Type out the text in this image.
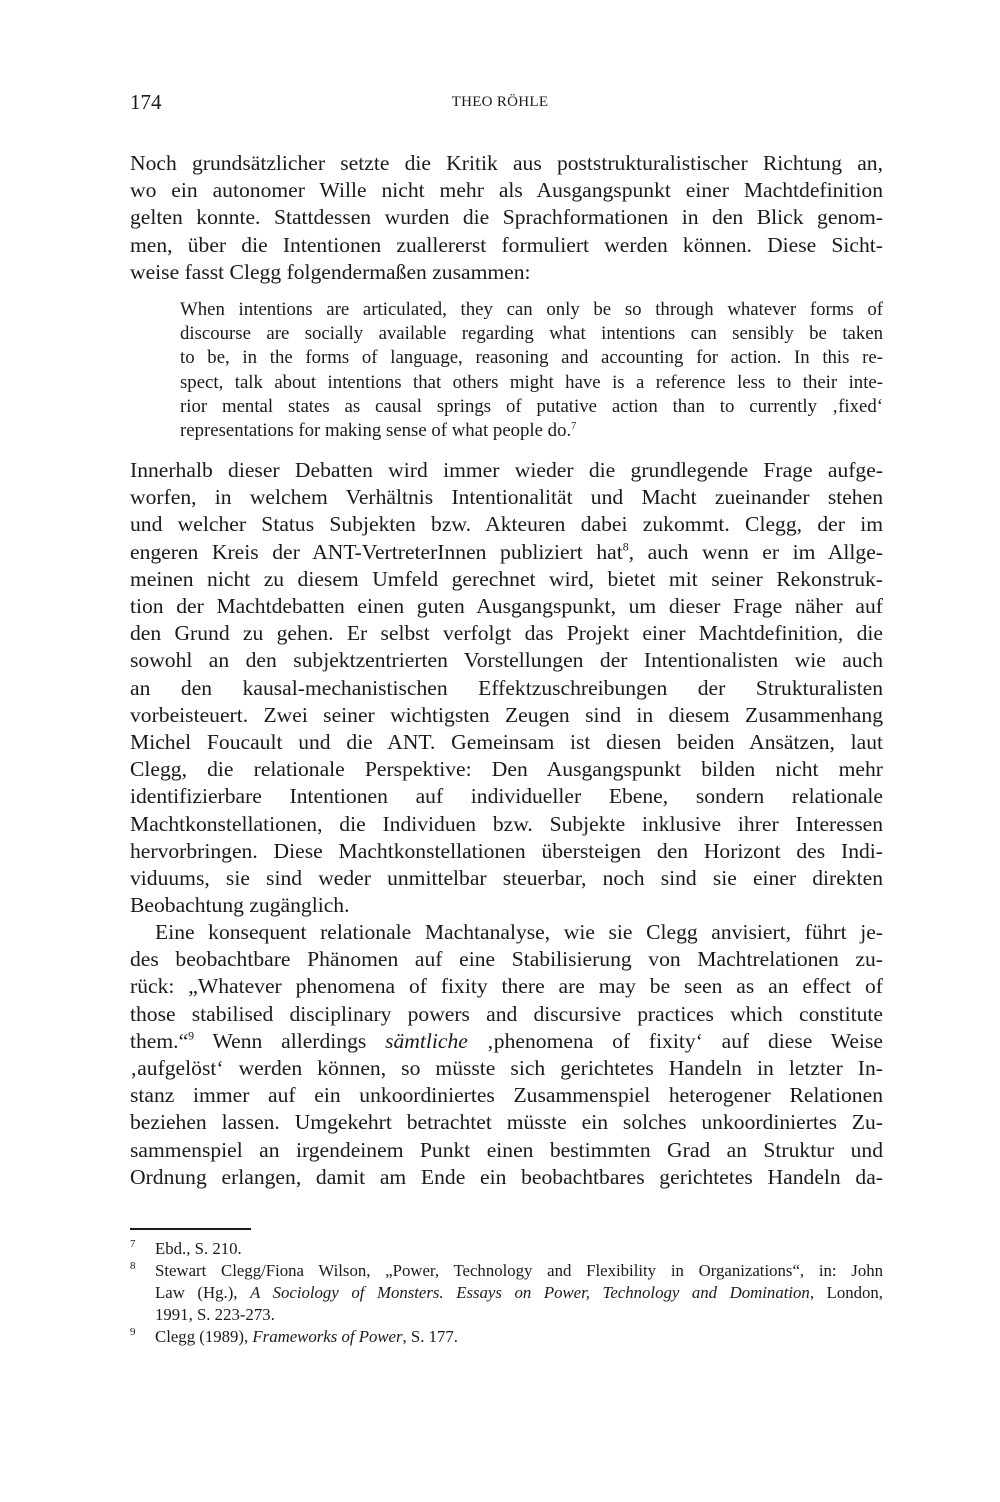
174	THEO RÖHLE
Noch grundsätzlicher setzte die Kritik aus poststrukturalistischer Richtung an,
wo ein autonomer Wille nicht mehr als Ausgangspunkt einer Machtdefinition
gelten konnte. Stattdessen wurden die Sprachformationen in den Blick genom-
men, über die Intentionen zuallererst formuliert werden können. Diese Sicht-
weise fasst Clegg folgendermaßen zusammen:
When intentions are articulated, they can only be so through whatever forms of
discourse are socially available regarding what intentions can sensibly be taken
to be, in the forms of language, reasoning and accounting for action. In this re-
spect, talk about intentions that others might have is a reference less to their inte-
rior mental states as causal springs of putative action than to currently ‚fixed‘
representations for making sense of what people do.$^7$
Innerhalb dieser Debatten wird immer wieder die grundlegende Frage aufge-
worfen, in welchem Verhältnis Intentionalität und Macht zueinander stehen
und welcher Status Subjekten bzw. Akteuren dabei zukommt. Clegg, der im
engeren Kreis der ANT-VertreterInnen publiziert hat$^8$, auch wenn er im Allge-
meinen nicht zu diesem Umfeld gerechnet wird, bietet mit seiner Rekonstruk-
tion der Machtdebatten einen guten Ausgangspunkt, um dieser Frage näher auf
den Grund zu gehen. Er selbst verfolgt das Projekt einer Machtdefinition, die
sowohl an den subjektzentrierten Vorstellungen der Intentionalisten wie auch
an den kausal-mechanistischen Effektzuschreibungen der Strukturalisten
vorbeisteuert. Zwei seiner wichtigsten Zeugen sind in diesem Zusammenhang
Michel Foucault und die ANT. Gemeinsam ist diesen beiden Ansätzen, laut
Clegg, die relationale Perspektive: Den Ausgangspunkt bilden nicht mehr
identifizierbare Intentionen auf individueller Ebene, sondern relationale
Machtkonstellationen, die Individuen bzw. Subjekte inklusive ihrer Interessen
hervorbringen. Diese Machtkonstellationen übersteigen den Horizont des Indi-
viduums, sie sind weder unmittelbar steuerbar, noch sind sie einer direkten
Beobachtung zugänglich.
Eine konsequent relationale Machtanalyse, wie sie Clegg anvisiert, führt je-
des beobachtbare Phänomen auf eine Stabilisierung von Machtrelationen zu-
rück: „Whatever phenomena of fixity there are may be seen as an effect of
those stabilised disciplinary powers and discursive practices which constitute
them.“$^9$ Wenn allerdings sämtliche ‚phenomena of fixity‘ auf diese Weise
‚aufgelöst‘ werden können, so müsste sich gerichtetes Handeln in letzter In-
stanz immer auf ein unkoordiniertes Zusammenspiel heterogener Relationen
beziehen lassen. Umgekehrt betrachtet müsste ein solches unkoordiniertes Zu-
sammenspiel an irgendeinem Punkt einen bestimmten Grad an Struktur und
Ordnung erlangen, damit am Ende ein beobachtbares gerichtetes Handeln da-
7 Ebd., S. 210.
8 Stewart Clegg/Fiona Wilson, „Power, Technology and Flexibility in Organizations“, in: John
Law (Hg.), A Sociology of Monsters. Essays on Power, Technology and Domination, London,
1991, S. 223-273.
9 Clegg (1989), Frameworks of Power, S. 177.
